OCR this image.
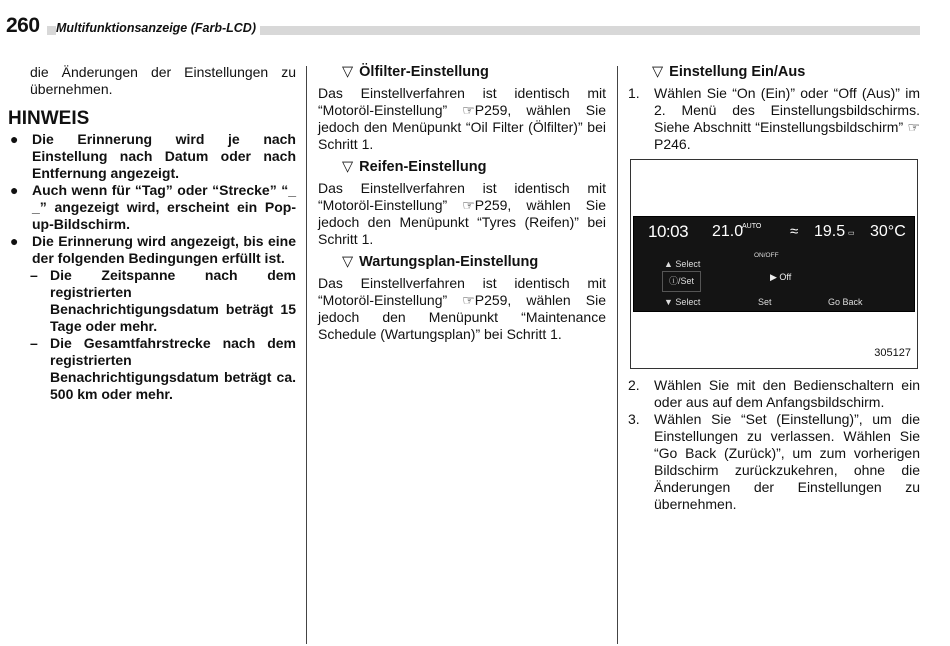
260 Multifunktionsanzeige (Farb-LCD)
die Änderungen der Einstellungen zu übernehmen.
HINWEIS
● Die Erinnerung wird je nach Einstellung nach Datum oder nach Entfernung angezeigt.
● Auch wenn für “Tag” oder “Strecke” “_ _” angezeigt wird, erscheint ein Pop-up-Bildschirm.
● Die Erinnerung wird angezeigt, bis eine der folgenden Bedingungen erfüllt ist.
– Die Zeitspanne nach dem registrierten Benachrichtigungsdatum beträgt 15 Tage oder mehr.
– Die Gesamtfahrstrecke nach dem registrierten Benachrichtigungsdatum beträgt ca. 500 km oder mehr.
▽ Ölfilter-Einstellung
Das Einstellverfahren ist identisch mit “Motoröl-Einstellung” ☞P259, wählen Sie jedoch den Menüpunkt “Oil Filter (Ölfilter)” bei Schritt 1.
▽ Reifen-Einstellung
Das Einstellverfahren ist identisch mit “Motoröl-Einstellung” ☞P259, wählen Sie jedoch den Menüpunkt “Tyres (Reifen)” bei Schritt 1.
▽ Wartungsplan-Einstellung
Das Einstellverfahren ist identisch mit “Motoröl-Einstellung” ☞P259, wählen Sie jedoch den Menüpunkt “Maintenance Schedule (Wartungsplan)” bei Schritt 1.
▽ Einstellung Ein/Aus
1.	Wählen Sie “On (Ein)” oder “Off (Aus)” im 2. Menü des Einstellungsbildschirms. Siehe Abschnitt “Einstellungsbildschirm” ☞P246.
10:03 21.0
AUTO ≈ 19.5 ▭ 30°C
ON/OFF
▲ Select
ⓘ/Set	▶ Off
▼ Select	Set	Go Back
305127
2.	Wählen Sie mit den Bedienschaltern ein oder aus auf dem Anfangsbildschirm.
3.	Wählen Sie “Set (Einstellung)”, um die Einstellungen zu verlassen. Wählen Sie “Go Back (Zurück)”, um zum vorherigen Bildschirm zurückzukehren, ohne die Änderungen der Einstellungen zu übernehmen.
